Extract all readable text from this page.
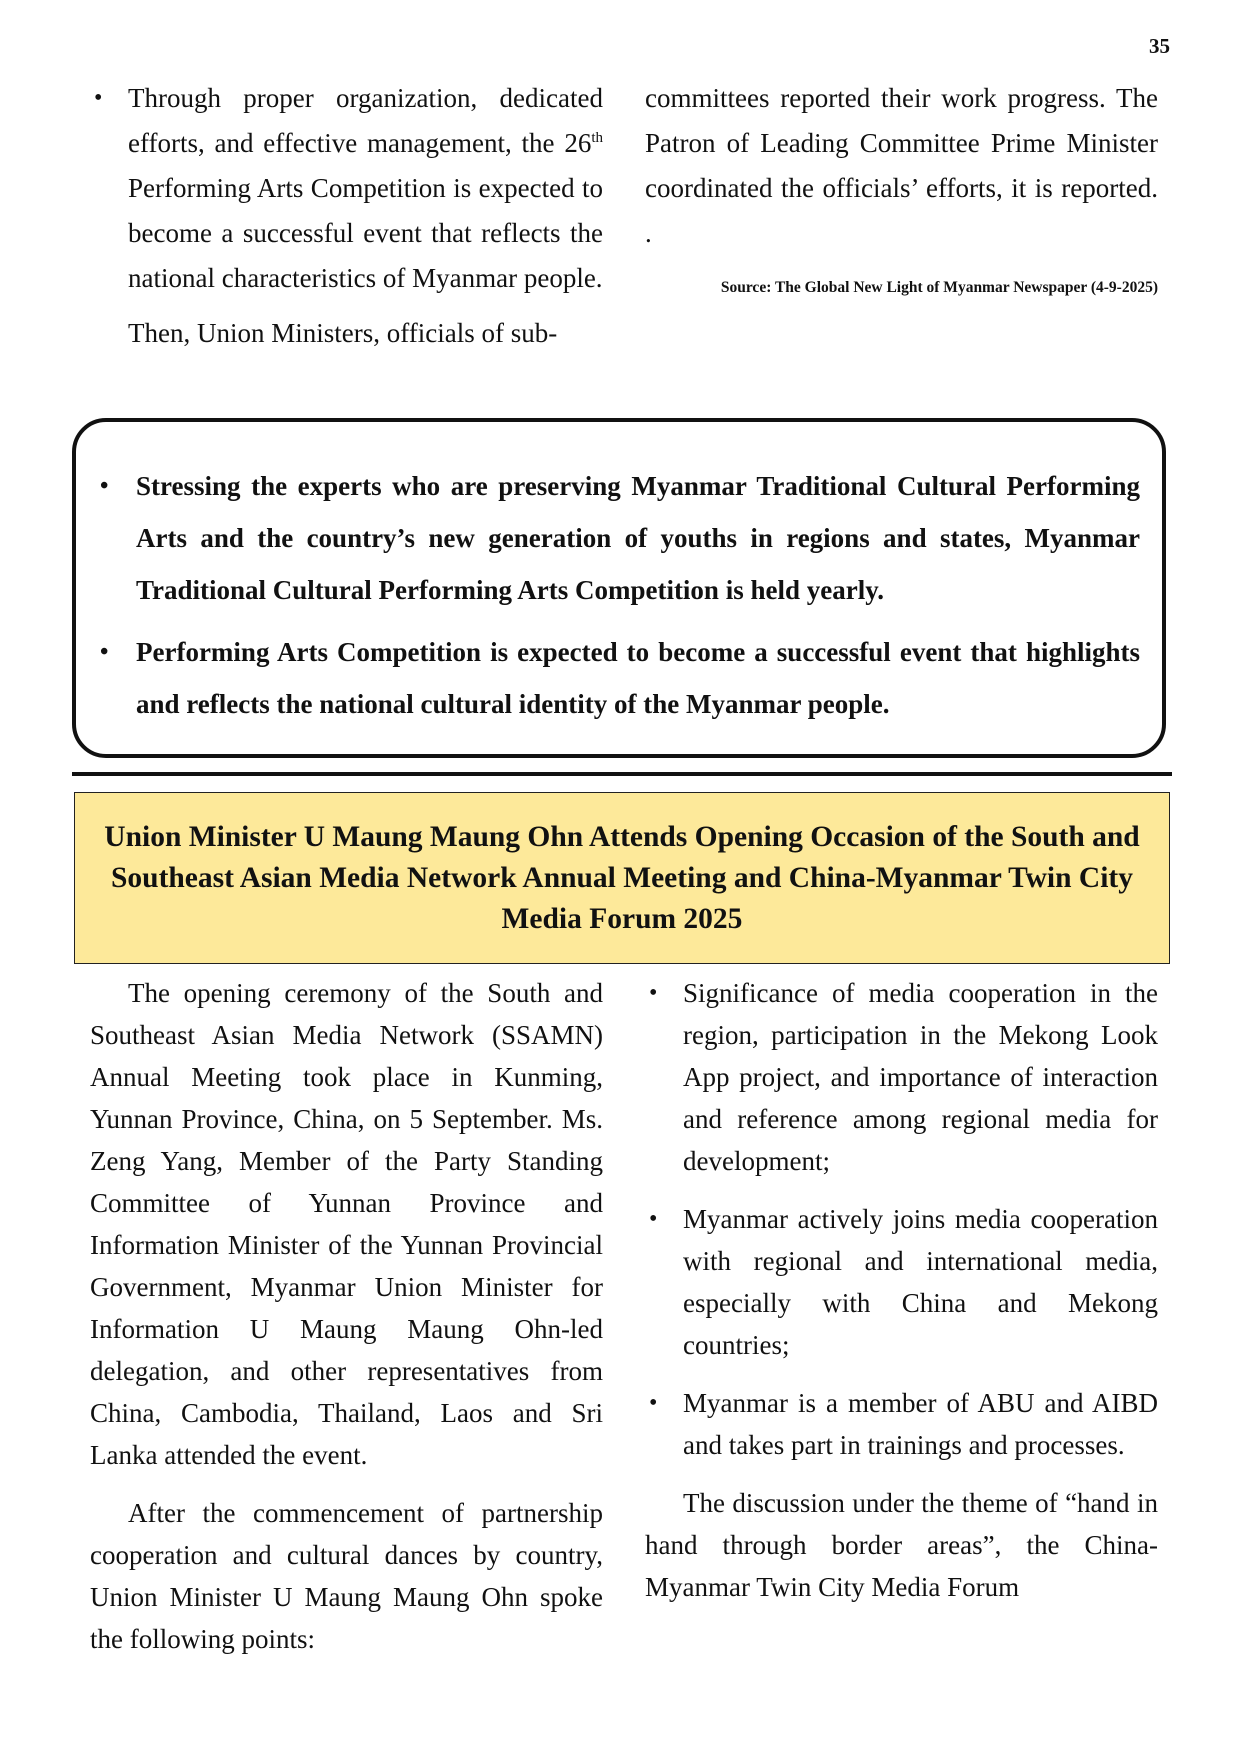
35

• Through proper organization, dedicated efforts, and effective management, the 26th Performing Arts Competition is expected to become a successful event that reflects the national characteristics of Myanmar people.

Then, Union Ministers, officials of sub-

committees reported their work progress. The Patron of Leading Committee Prime Minister coordinated the officials’ efforts, it is reported. .

Source: The Global New Light of Myanmar Newspaper (4-9-2025)

• Stressing the experts who are preserving Myanmar Traditional Cultural Performing Arts and the country’s new generation of youths in regions and states, Myanmar Traditional Cultural Performing Arts Competition is held yearly.

• Performing Arts Competition is expected to become a successful event that highlights and reflects the national cultural identity of the Myanmar people.

Union Minister U Maung Maung Ohn Attends Opening Occasion of the South and Southeast Asian Media Network Annual Meeting and China-Myanmar Twin City Media Forum 2025

The opening ceremony of the South and Southeast Asian Media Network (SSAMN) Annual Meeting took place in Kunming, Yunnan Province, China, on 5 September. Ms. Zeng Yang, Member of the Party Standing Committee of Yunnan Province and Information Minister of the Yunnan Provincial Government, Myanmar Union Minister for Information U Maung Maung Ohn-led delegation, and other representatives from China, Cambodia, Thailand, Laos and Sri Lanka attended the event.

After the commencement of partnership cooperation and cultural dances by country, Union Minister U Maung Maung Ohn spoke the following points:

• Significance of media cooperation in the region, participation in the Mekong Look App project, and importance of interaction and reference among regional media for development;

• Myanmar actively joins media cooperation with regional and international media, especially with China and Mekong countries;

• Myanmar is a member of ABU and AIBD and takes part in trainings and processes.

The discussion under the theme of “hand in hand through border areas”, the China-Myanmar Twin City Media Forum
